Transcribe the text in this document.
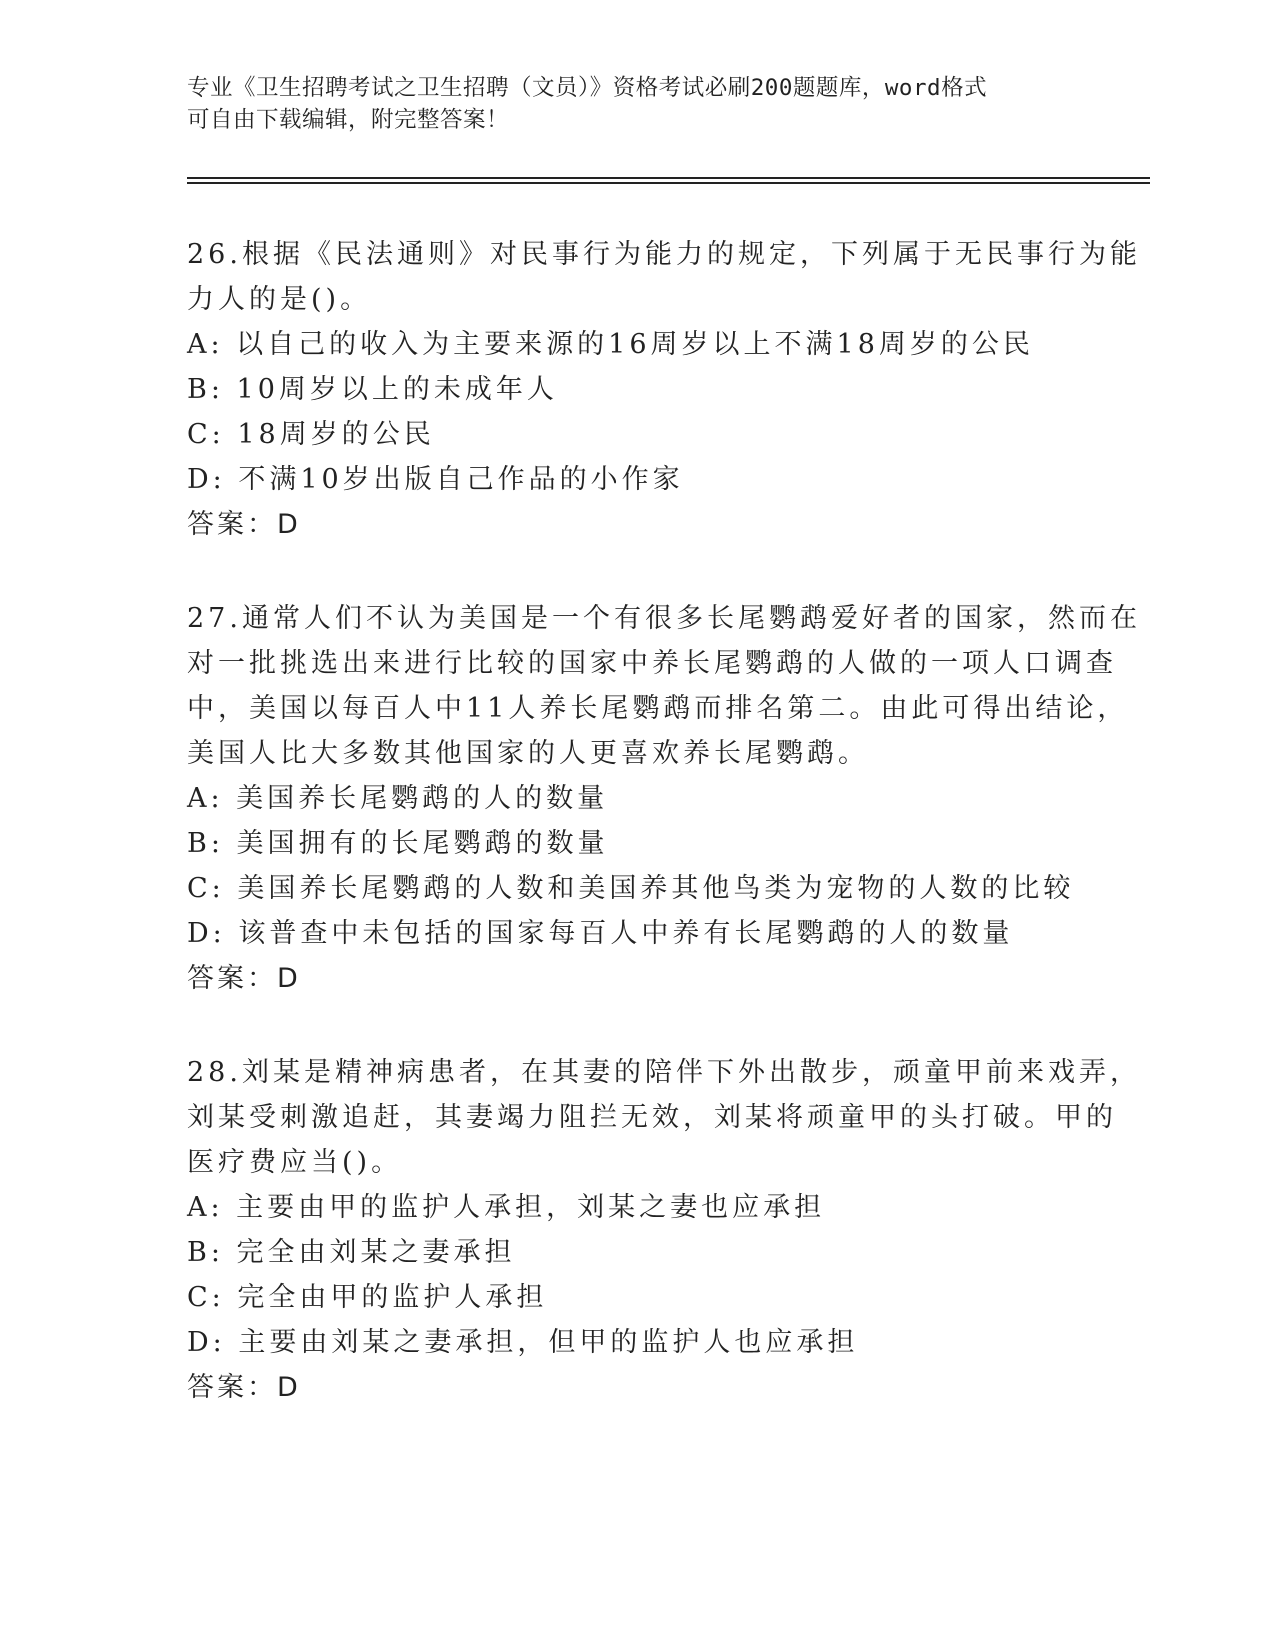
专业《卫生招聘考试之卫生招聘（文员）》资格考试必刷200题题库，word格式
可自由下载编辑，附完整答案！
26.根据《民法通则》对民事行为能力的规定，下列属于无民事行为能
力人的是()。
A: 以自己的收入为主要来源的16周岁以上不满18周岁的公民
B: 10周岁以上的未成年人
C: 18周岁的公民
D: 不满10岁出版自己作品的小作家
答案：D
27.通常人们不认为美国是一个有很多长尾鹦鹉爱好者的国家，然而在
对一批挑选出来进行比较的国家中养长尾鹦鹉的人做的一项人口调查
中，美国以每百人中11人养长尾鹦鹉而排名第二。由此可得出结论，
美国人比大多数其他国家的人更喜欢养长尾鹦鹉。
A: 美国养长尾鹦鹉的人的数量
B: 美国拥有的长尾鹦鹉的数量
C: 美国养长尾鹦鹉的人数和美国养其他鸟类为宠物的人数的比较
D: 该普查中未包括的国家每百人中养有长尾鹦鹉的人的数量
答案：D
28.刘某是精神病患者，在其妻的陪伴下外出散步，顽童甲前来戏弄，
刘某受刺激追赶，其妻竭力阻拦无效，刘某将顽童甲的头打破。甲的
医疗费应当()。
A: 主要由甲的监护人承担，刘某之妻也应承担
B: 完全由刘某之妻承担
C: 完全由甲的监护人承担
D: 主要由刘某之妻承担，但甲的监护人也应承担
答案：D
